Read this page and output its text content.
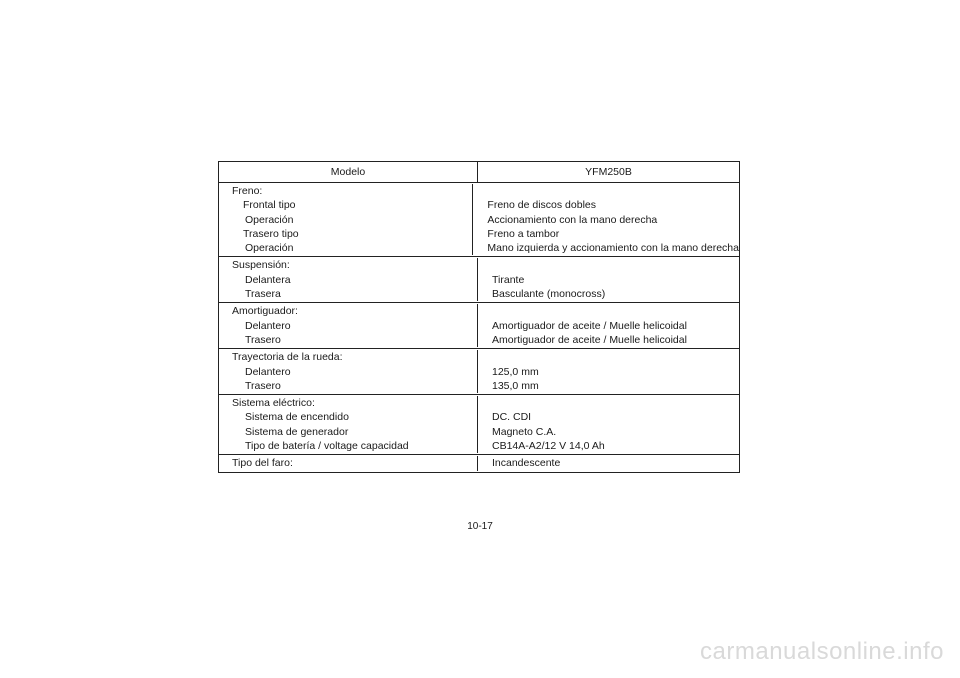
Modelo	YFM250B
Freno:
Frontal tipo
Operación
Trasero tipo
Operación
Freno de discos dobles
Accionamiento con la mano derecha
Freno a tambor
Mano izquierda y accionamiento con la mano derecha
Suspensión:
Delantera
Trasera
Tirante
Basculante (monocross)
Amortiguador:
Delantero
Trasero
Amortiguador de aceite / Muelle helicoidal
Amortiguador de aceite / Muelle helicoidal
Trayectoria de la rueda:
Delantero
Trasero
125,0 mm
135,0 mm
Sistema eléctrico:
Sistema de encendido
Sistema de generador
Tipo de batería / voltage capacidad
DC. CDI
Magneto C.A.
CB14A-A2/12 V 14,0 Ah
Tipo del faro:	Incandescente
10-17
carmanualsonline.info
